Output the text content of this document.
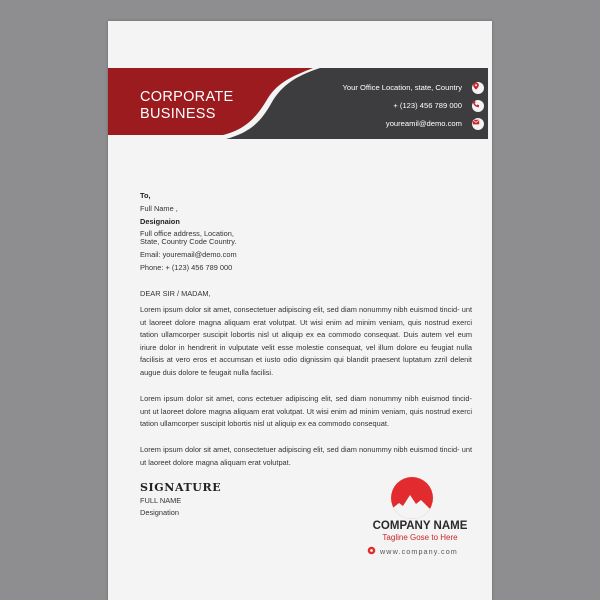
CORPORATE
BUSINESS
Your Office Location, state, Country
+ (123) 456 789 000
youreamil@demo.com
To,
Full Name ,
Designaion
Full office address, Location,
State, Country Code Country.
Email: youremail@demo.com
Phone: + (123) 456 789 000
DEAR SIR / MADAM,
Lorem ipsum dolor sit amet, consectetuer adipiscing elit, sed diam nonummy nibh euismod tincid- unt ut laoreet dolore magna aliquam erat volutpat. Ut wisi enim ad minim veniam, quis nostrud exerci tation ullamcorper suscipit lobortis nisl ut aliquip ex ea commodo consequat. Duis autem vel eum iriure dolor in hendrerit in vulputate velit esse molestie consequat, vel illum dolore eu feugiat nulla facilisis at vero eros et accumsan et iusto odio dignissim qui blandit praesent luptatum zzril delenit augue duis dolore te feugait nulla facilisi.
Lorem ipsum dolor sit amet, cons ectetuer adipiscing elit, sed diam nonummy nibh euismod tincid- unt ut laoreet dolore magna aliquam erat volutpat. Ut wisi enim ad minim veniam, quis nostrud exerci tation ullamcorper suscipit lobortis nisl ut aliquip ex ea commodo consequat.
Lorem ipsum dolor sit amet, consectetuer adipiscing elit, sed diam nonummy nibh euismod tincid- unt ut laoreet dolore magna aliquam erat volutpat.
SIGNATURE
FULL NAME
Designation
COMPANY NAME
Tagline Gose to Here
www.company.com
